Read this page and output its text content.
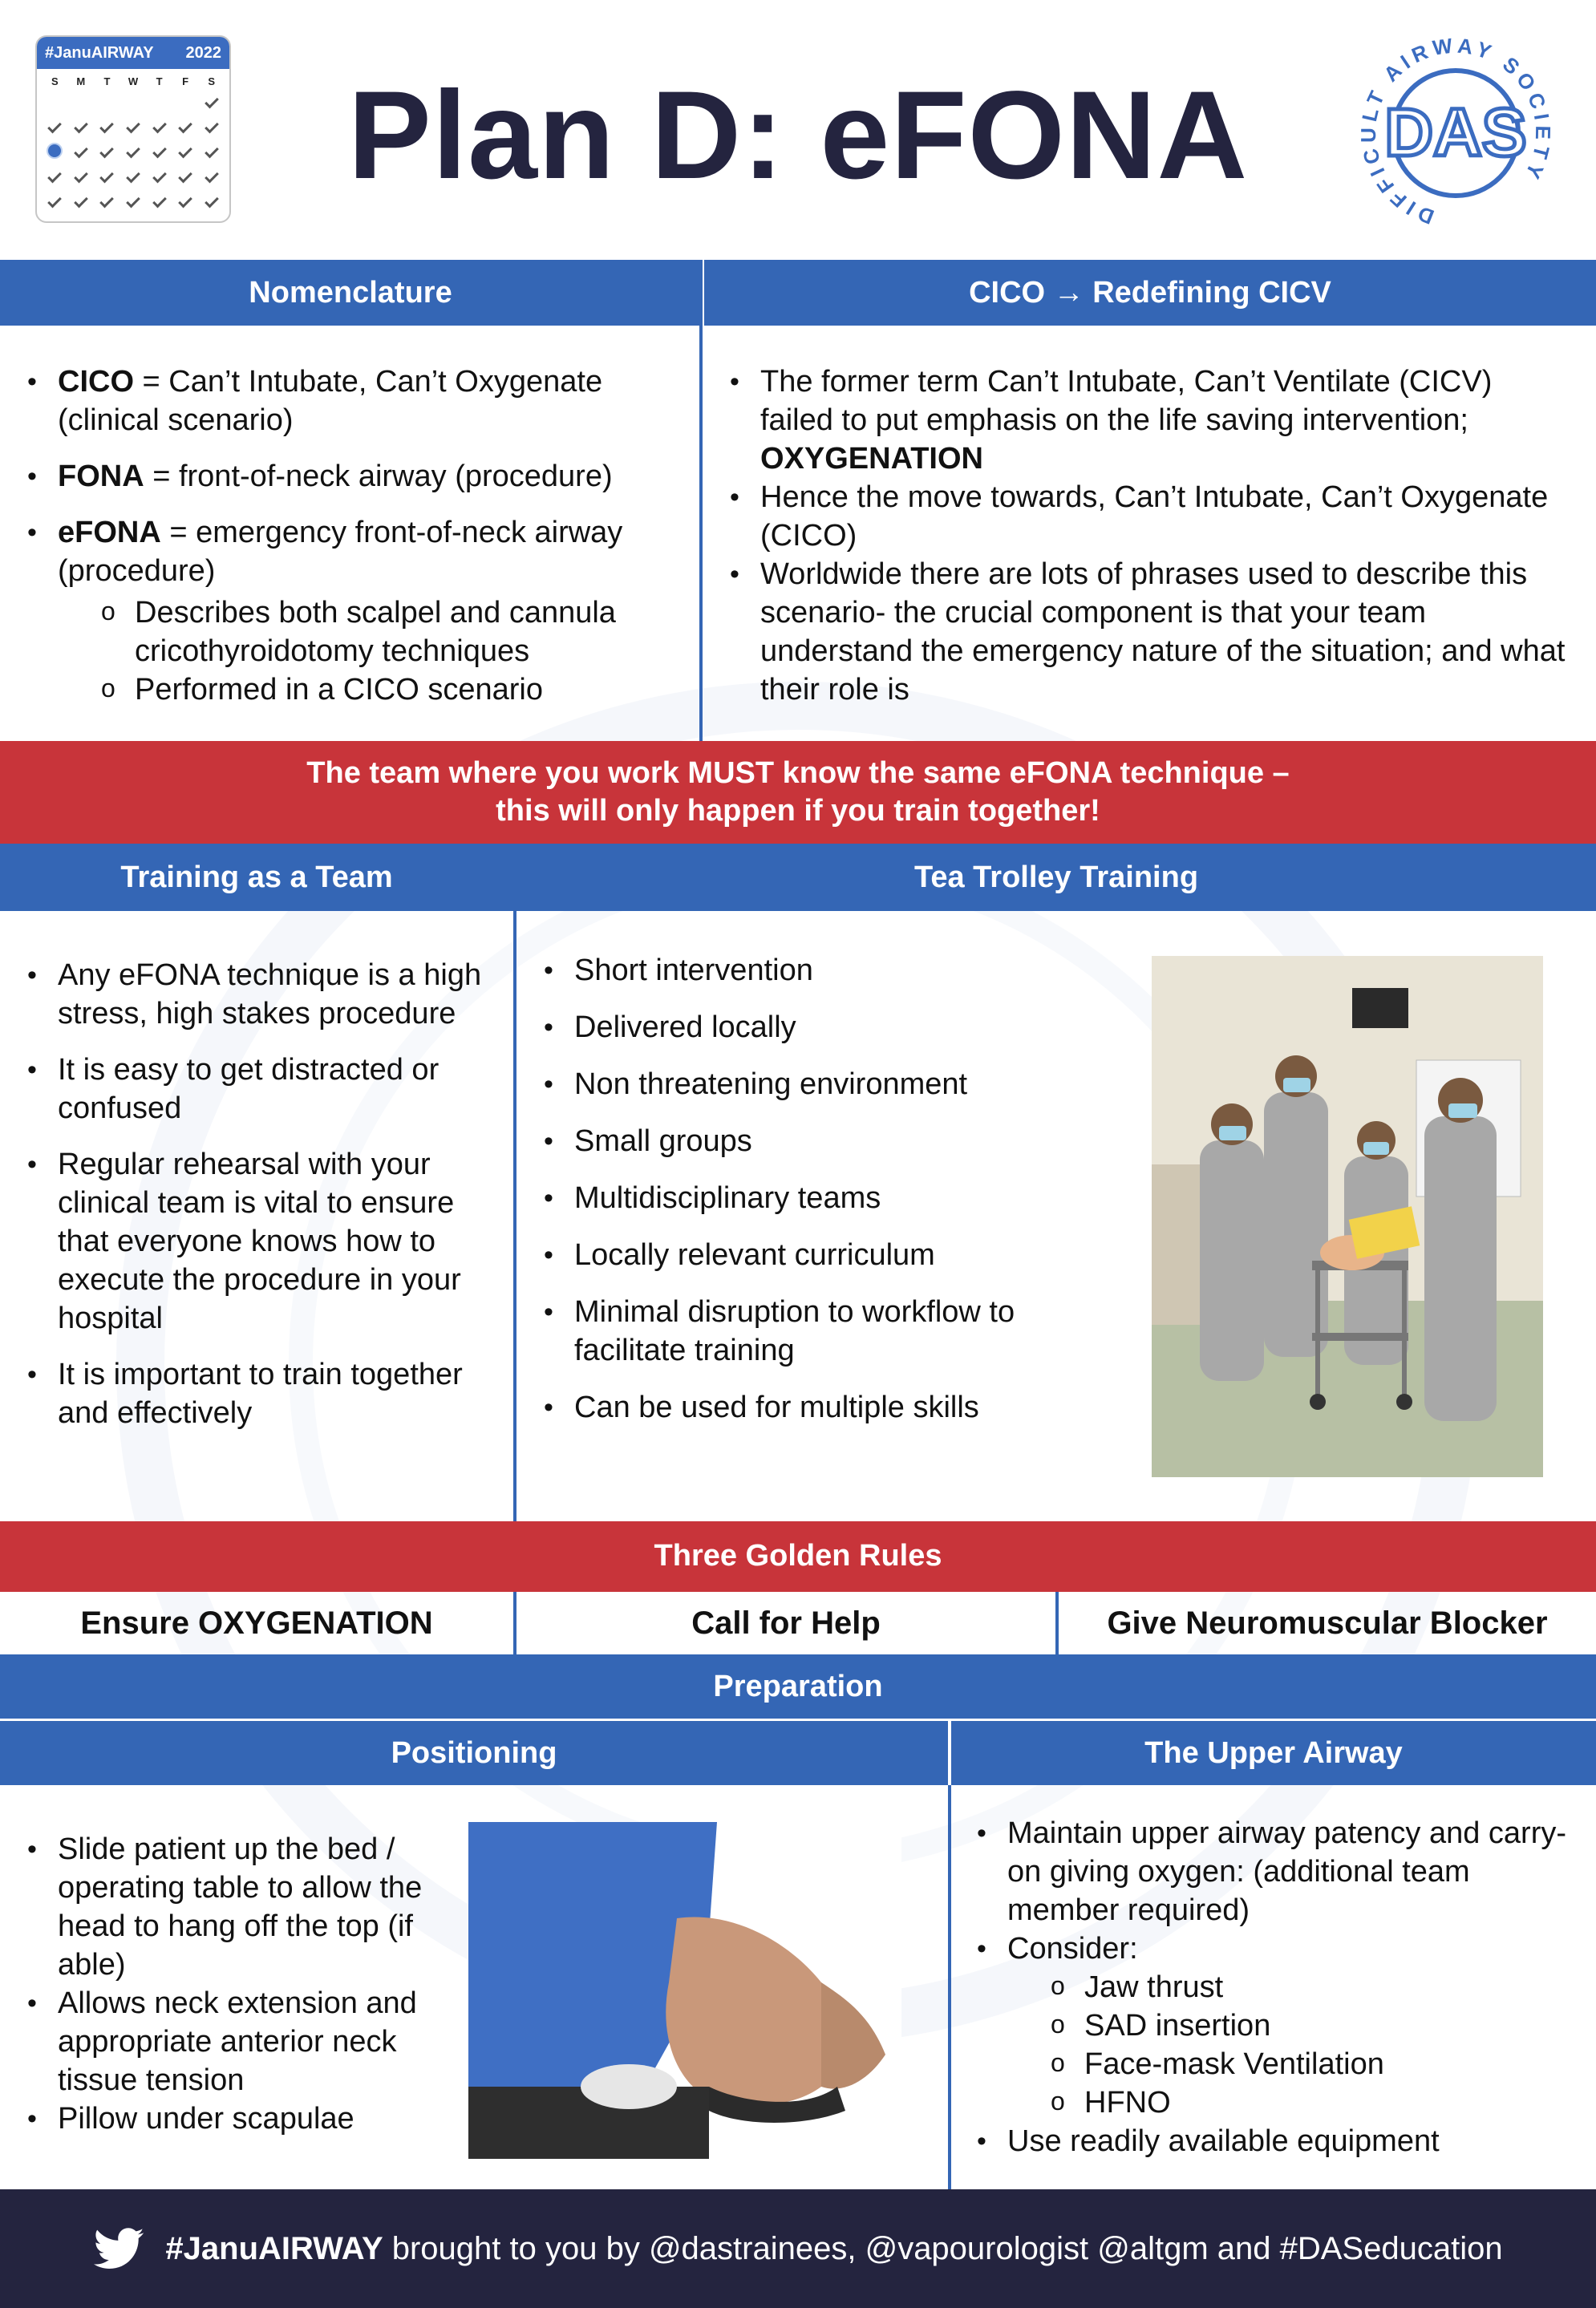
#JanuAIRWAY 2022
S	M	T	W	T	F	S	Plan D: eFONA
DIFFICULT AIRWAY SOCIETY
DAS
Nomenclature	CICO → Redefining CICV
• CICO = Can’t Intubate, Can’t Oxygenate (clinical scenario)
• FONA = front-of-neck airway (procedure)
• eFONA = emergency front-of-neck airway (procedure)
o Describes both scalpel and cannula cricothyroidotomy techniques
o Performed in a CICO scenario
• The former term Can’t Intubate, Can’t Ventilate (CICV) failed to put emphasis on the life saving intervention;
OXYGENATION
• Hence the move towards, Can’t Intubate, Can’t Oxygenate (CICO)
• Worldwide there are lots of phrases used to describe this scenario- the crucial component is that your team understand the emergency nature of the situation; and what their role is
The team where you work MUST know the same eFONA technique –
this will only happen if you train together!
Training as a Team	Tea Trolley Training
• Any eFONA technique is a high stress, high stakes procedure
• It is easy to get distracted or confused
• Regular rehearsal with your clinical team is vital to ensure that everyone knows how to execute the procedure in your hospital
• It is important to train together and effectively
• Short intervention
• Delivered locally
• Non threatening environment
• Small groups
• Multidisciplinary teams
• Locally relevant curriculum
• Minimal disruption to workflow to facilitate training
• Can be used for multiple skills
Three Golden Rules
Ensure OXYGENATION	Call for Help	Give Neuromuscular Blocker
Preparation
Positioning	The Upper Airway
• Slide patient up the bed / operating table to allow the head to hang off the top (if able)
• Allows neck extension and appropriate anterior neck tissue tension
• Pillow under scapulae
• Maintain upper airway patency and carry-on giving oxygen: (additional team member required)
• Consider:
o Jaw thrust
o SAD insertion
o Face-mask Ventilation
o HFNO
• Use readily available equipment
#JanuAIRWAY brought to you by @dastrainees, @vapourologist @altgm and #DASeducation
